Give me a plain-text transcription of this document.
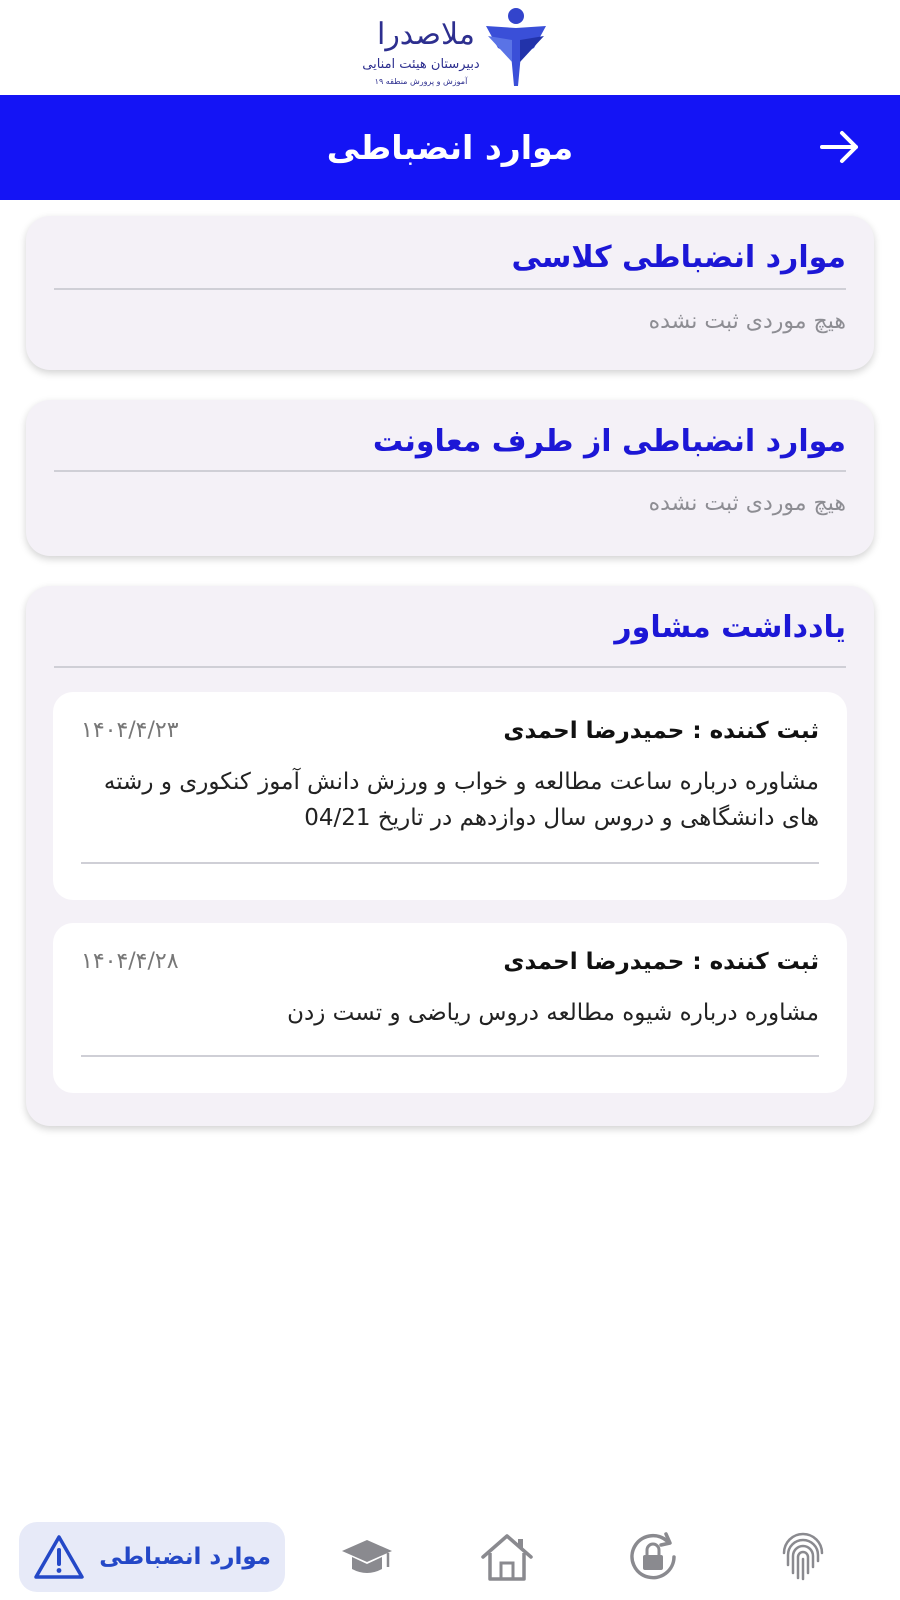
ملاصدرا
دبیرستان هیئت امنایی
آموزش و پرورش منطقه ۱۹
موارد انضباطی
موارد انضباطی کلاسی
هیچ موردی ثبت نشده
موارد انضباطی از طرف معاونت
هیچ موردی ثبت نشده
یادداشت مشاور
ثبت کننده : حمیدرضا احمدی
۱۴۰۴/۴/۲۳
مشاوره درباره ساعت مطالعه و خواب و ورزش دانش آموز کنکوری و رشته های دانشگاهی و دروس سال دوازدهم در تاریخ 04/21
ثبت کننده : حمیدرضا احمدی
۱۴۰۴/۴/۲۸
مشاوره درباره شیوه مطالعه دروس ریاضی و تست زدن
موارد انضباطی
